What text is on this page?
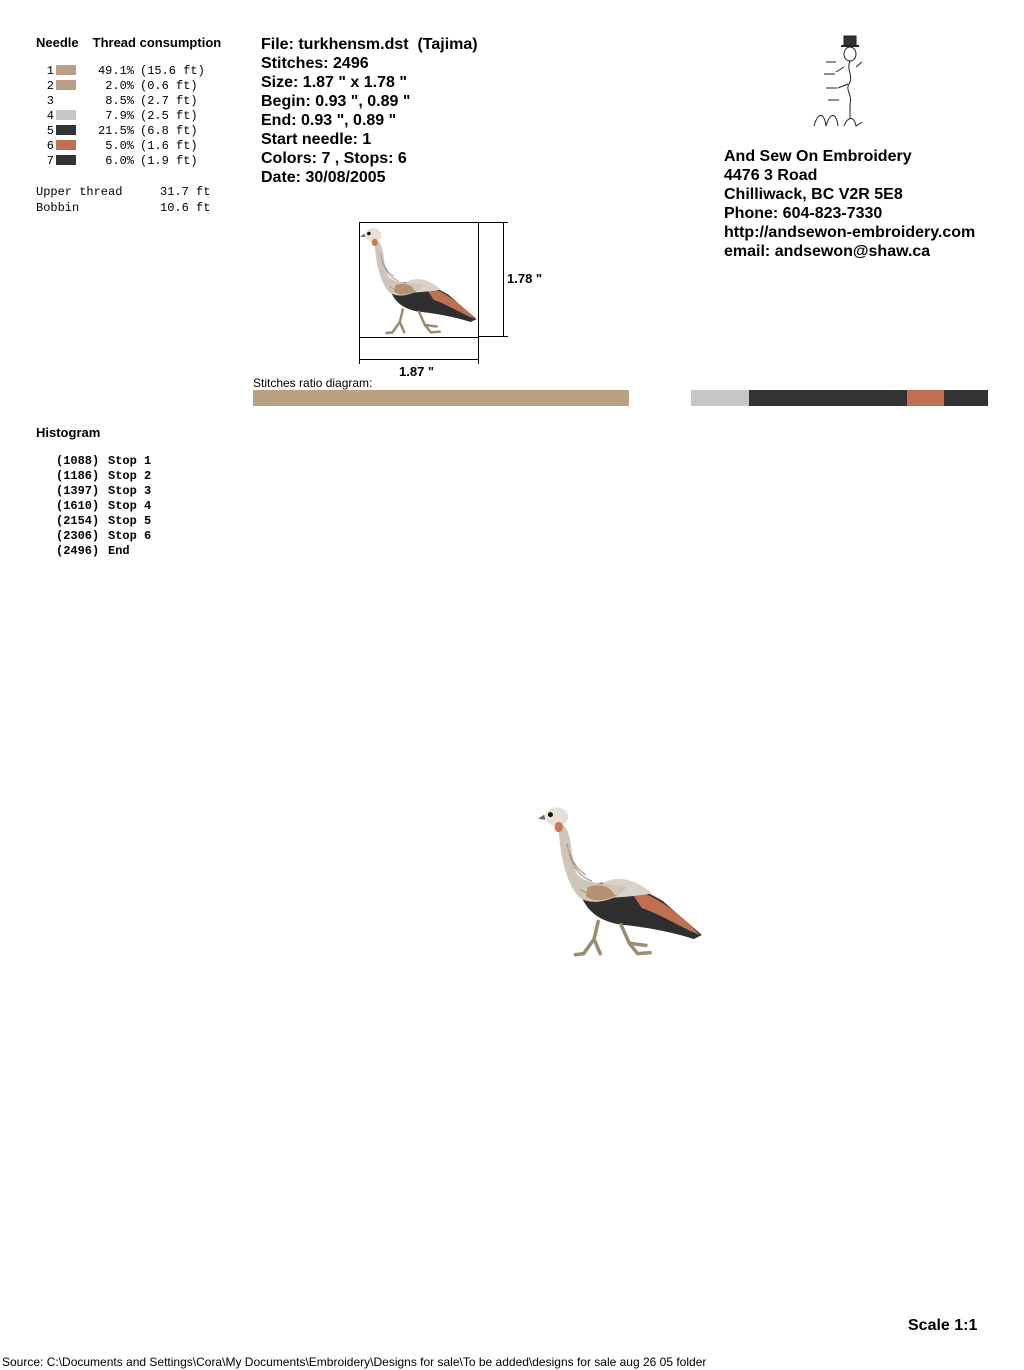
Needle Thread consumption
1	49.1% (15.6 ft)
2	2.0% (0.6 ft)
3	8.5% (2.7 ft)
4	7.9% (2.5 ft)
5	21.5% (6.8 ft)
6	5.0% (1.6 ft)
7	6.0% (1.9 ft)
Upper thread	31.7 ft
Bobbin	10.6 ft
File: turkhensm.dst  (Tajima)
Stitches: 2496
Size: 1.87 " x 1.78 "
Begin: 0.93 ", 0.89 "
End: 0.93 ", 0.89 "
Start needle: 1
Colors: 7 , Stops: 6
Date: 30/08/2005
And Sew On Embroidery
4476 3 Road
Chilliwack, BC V2R 5E8
Phone: 604-823-7330
http://andsewon-embroidery.com
email: andsewon@shaw.ca
1.78 "
1.87 "
Stitches ratio diagram:
Histogram
(1088) Stop 1
(1186) Stop 2
(1397) Stop 3
(1610) Stop 4
(2154) Stop 5
(2306) Stop 6
(2496) End
Scale 1:1
Source: C:\Documents and Settings\Cora\My Documents\Embroidery\Designs for sale\To be added\designs for sale aug 26 05 folder
